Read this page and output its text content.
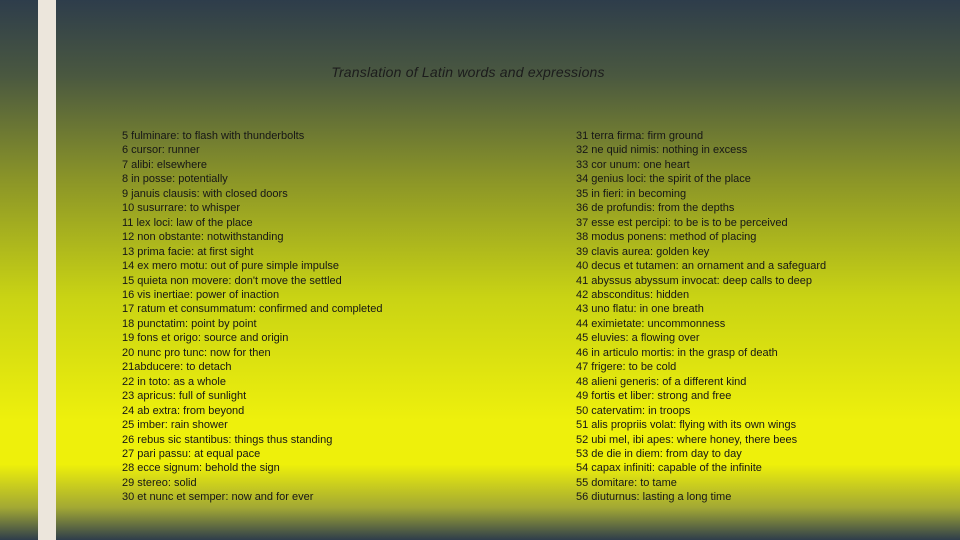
Translation of Latin words and expressions
5 fulminare: to flash with thunderbolts
6 cursor: runner
7 alibi: elsewhere
8 in posse: potentially
9 januis clausis: with closed doors
10 susurrare: to whisper
11 lex loci: law of the place
12 non obstante: notwithstanding
13 prima facie: at first sight
14 ex mero motu: out of pure simple impulse
15 quieta non movere: don't move the settled
16 vis inertiae: power of inaction
17 ratum et consummatum: confirmed and completed
18 punctatim: point by point
19 fons et origo: source and origin
20 nunc pro tunc: now for then
21abducere: to detach
22 in toto: as a whole
23 apricus: full of sunlight
24 ab extra: from beyond
25 imber: rain shower
26 rebus sic stantibus: things thus standing
27 pari passu: at equal pace
28 ecce signum: behold the sign
29 stereo: solid
30 et nunc et semper: now and for ever
31 terra firma: firm ground
32 ne quid nimis: nothing in excess
33 cor unum: one heart
34 genius loci: the spirit of the place
35 in fieri: in becoming
36 de profundis: from the depths
37 esse est percipi: to be is to be perceived
38 modus ponens: method of placing
39 clavis aurea: golden key
40 decus et tutamen: an ornament and a safeguard
41 abyssus abyssum invocat: deep calls to deep
42 absconditus: hidden
43 uno flatu: in one breath
44 eximietate: uncommonness
45 eluvies: a flowing over
46 in articulo mortis: in the grasp of death
47 frigere: to be cold
48 alieni generis: of a different kind
49 fortis et liber: strong and free
50 catervatim: in troops
51 alis propriis volat: flying with its own wings
52 ubi mel, ibi apes: where honey, there bees
53 de die in diem: from day to day
54 capax infiniti: capable of the infinite
55 domitare: to tame
56 diuturnus: lasting a long time
